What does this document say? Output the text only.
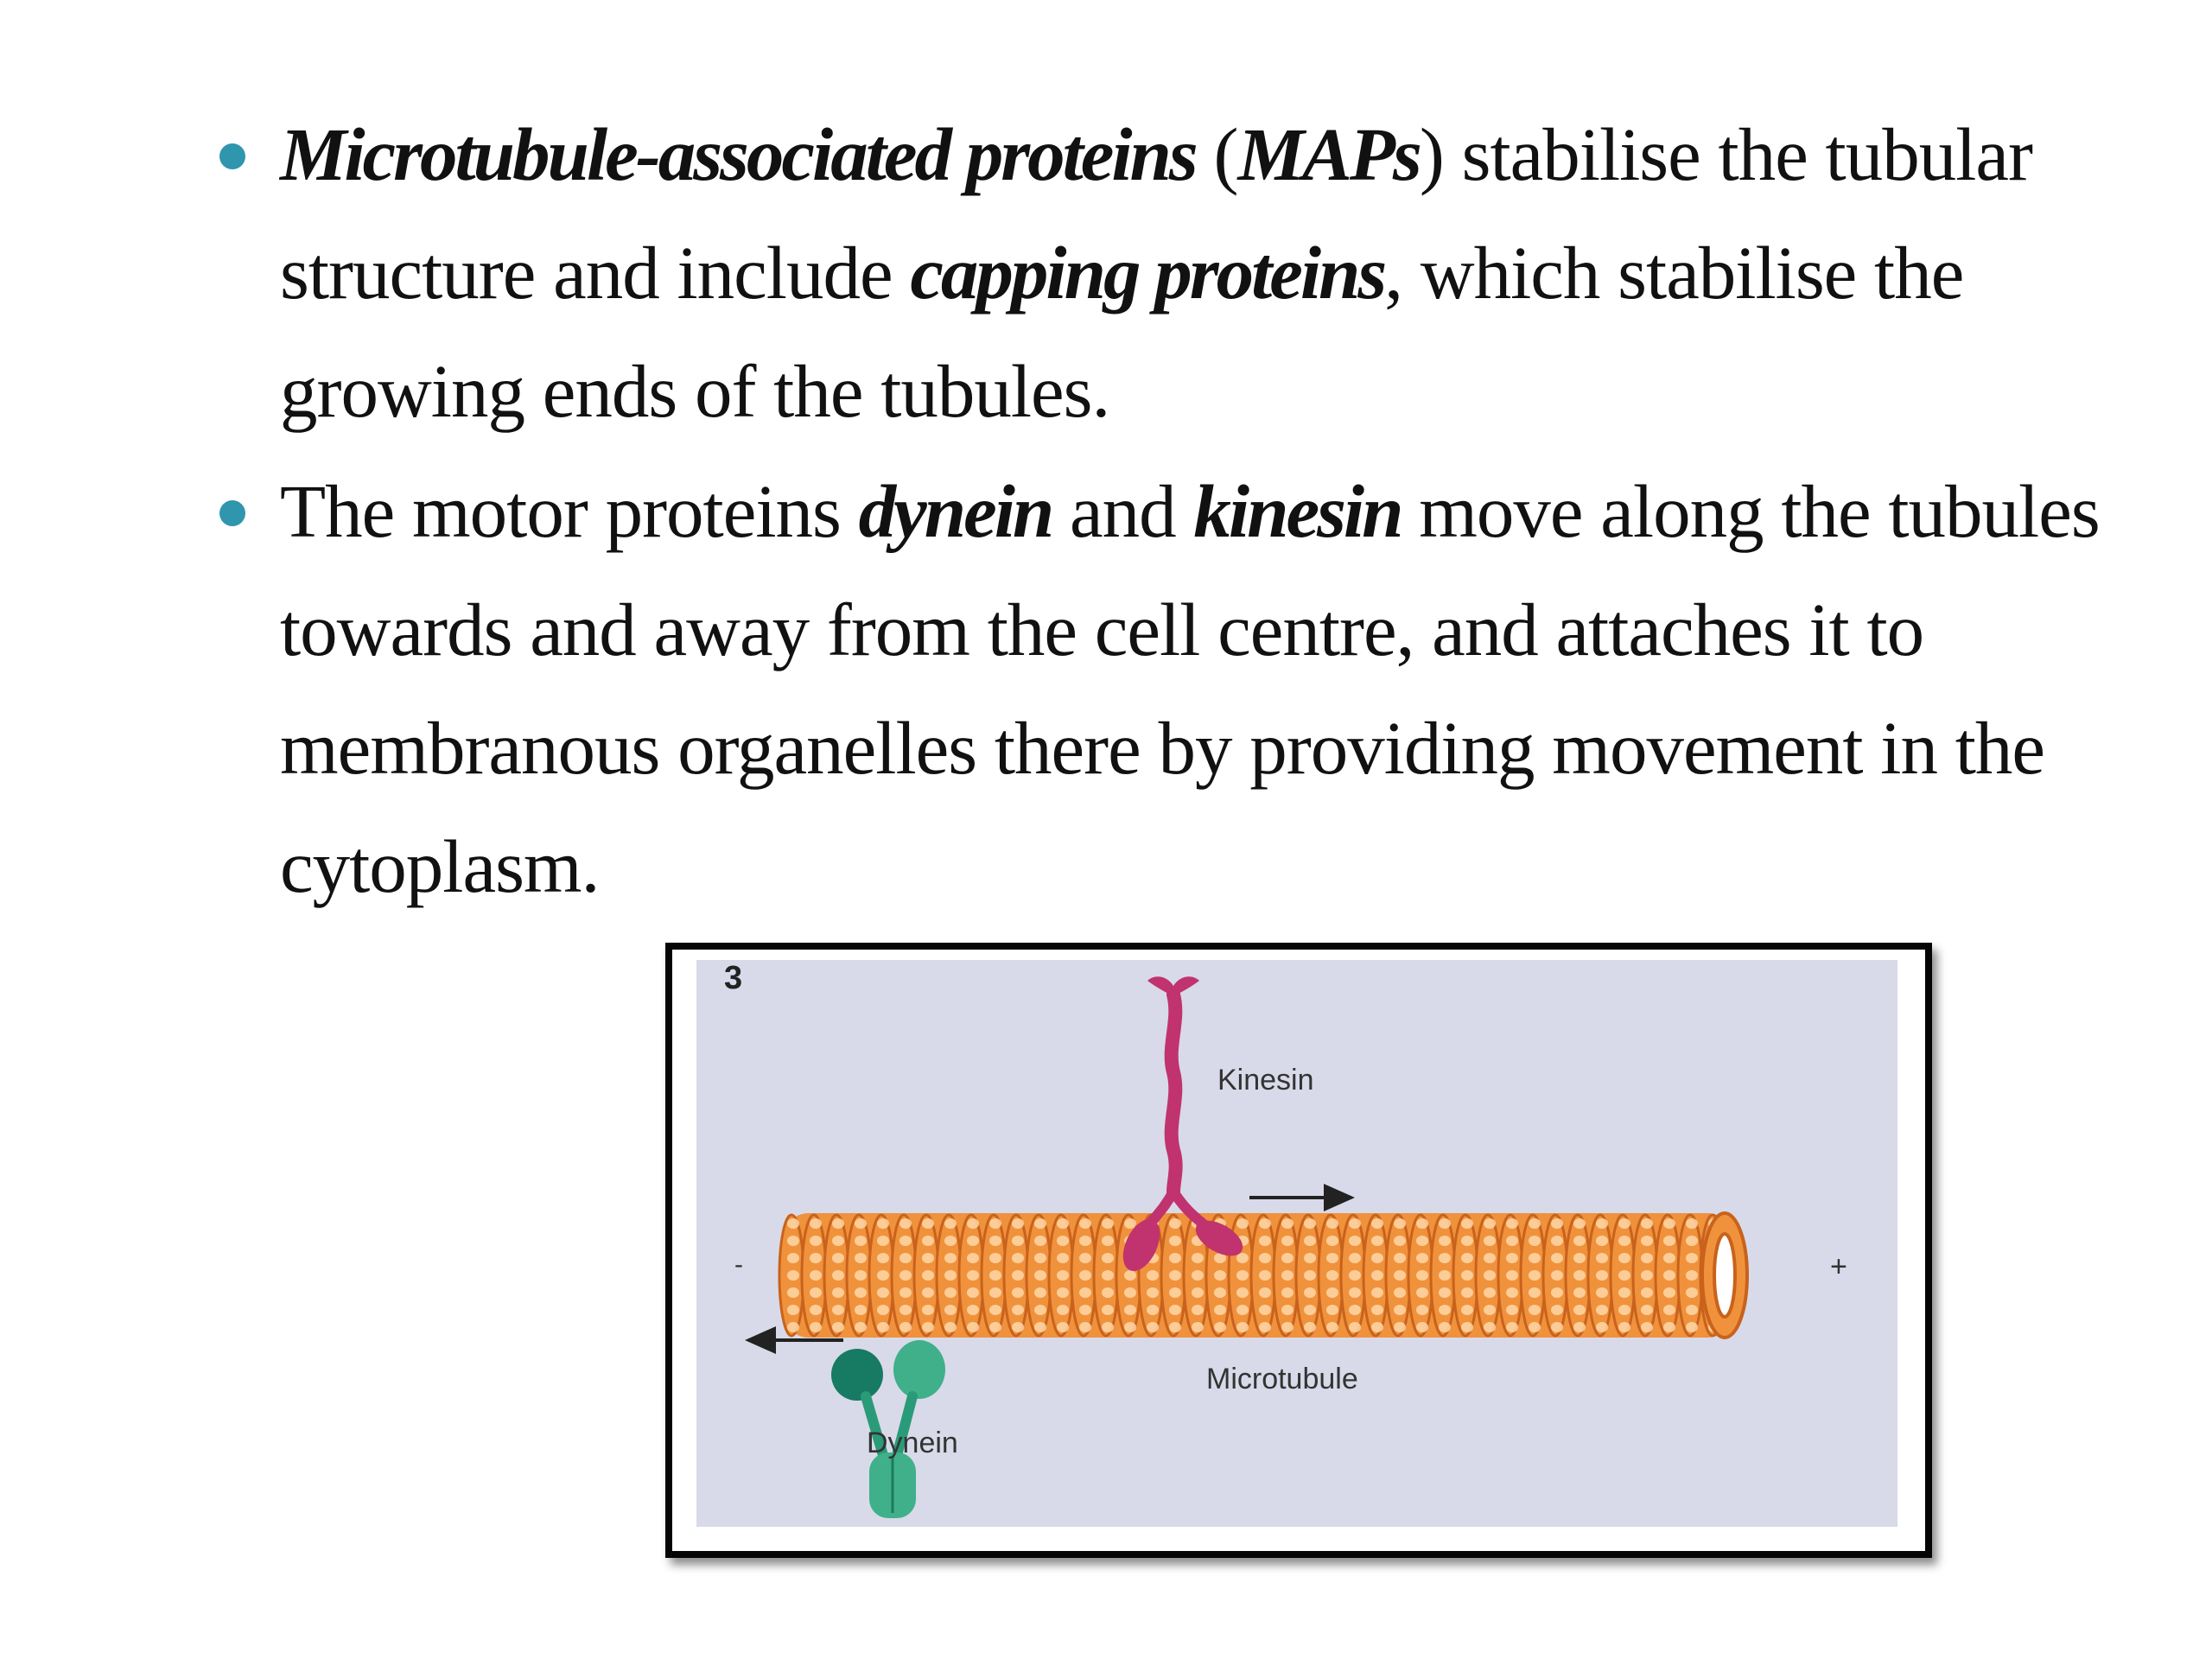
Microtubule-associated proteins (MAPs) stabilise the tubular structure and include capping proteins, which stabilise the growing ends of the tubules.
The motor proteins dynein and kinesin move along the tubules towards and away from the cell centre, and attaches it to membranous organelles there by providing movement in the cytoplasm.
3
Kinesin
Dynein
Microtubule
-	+
